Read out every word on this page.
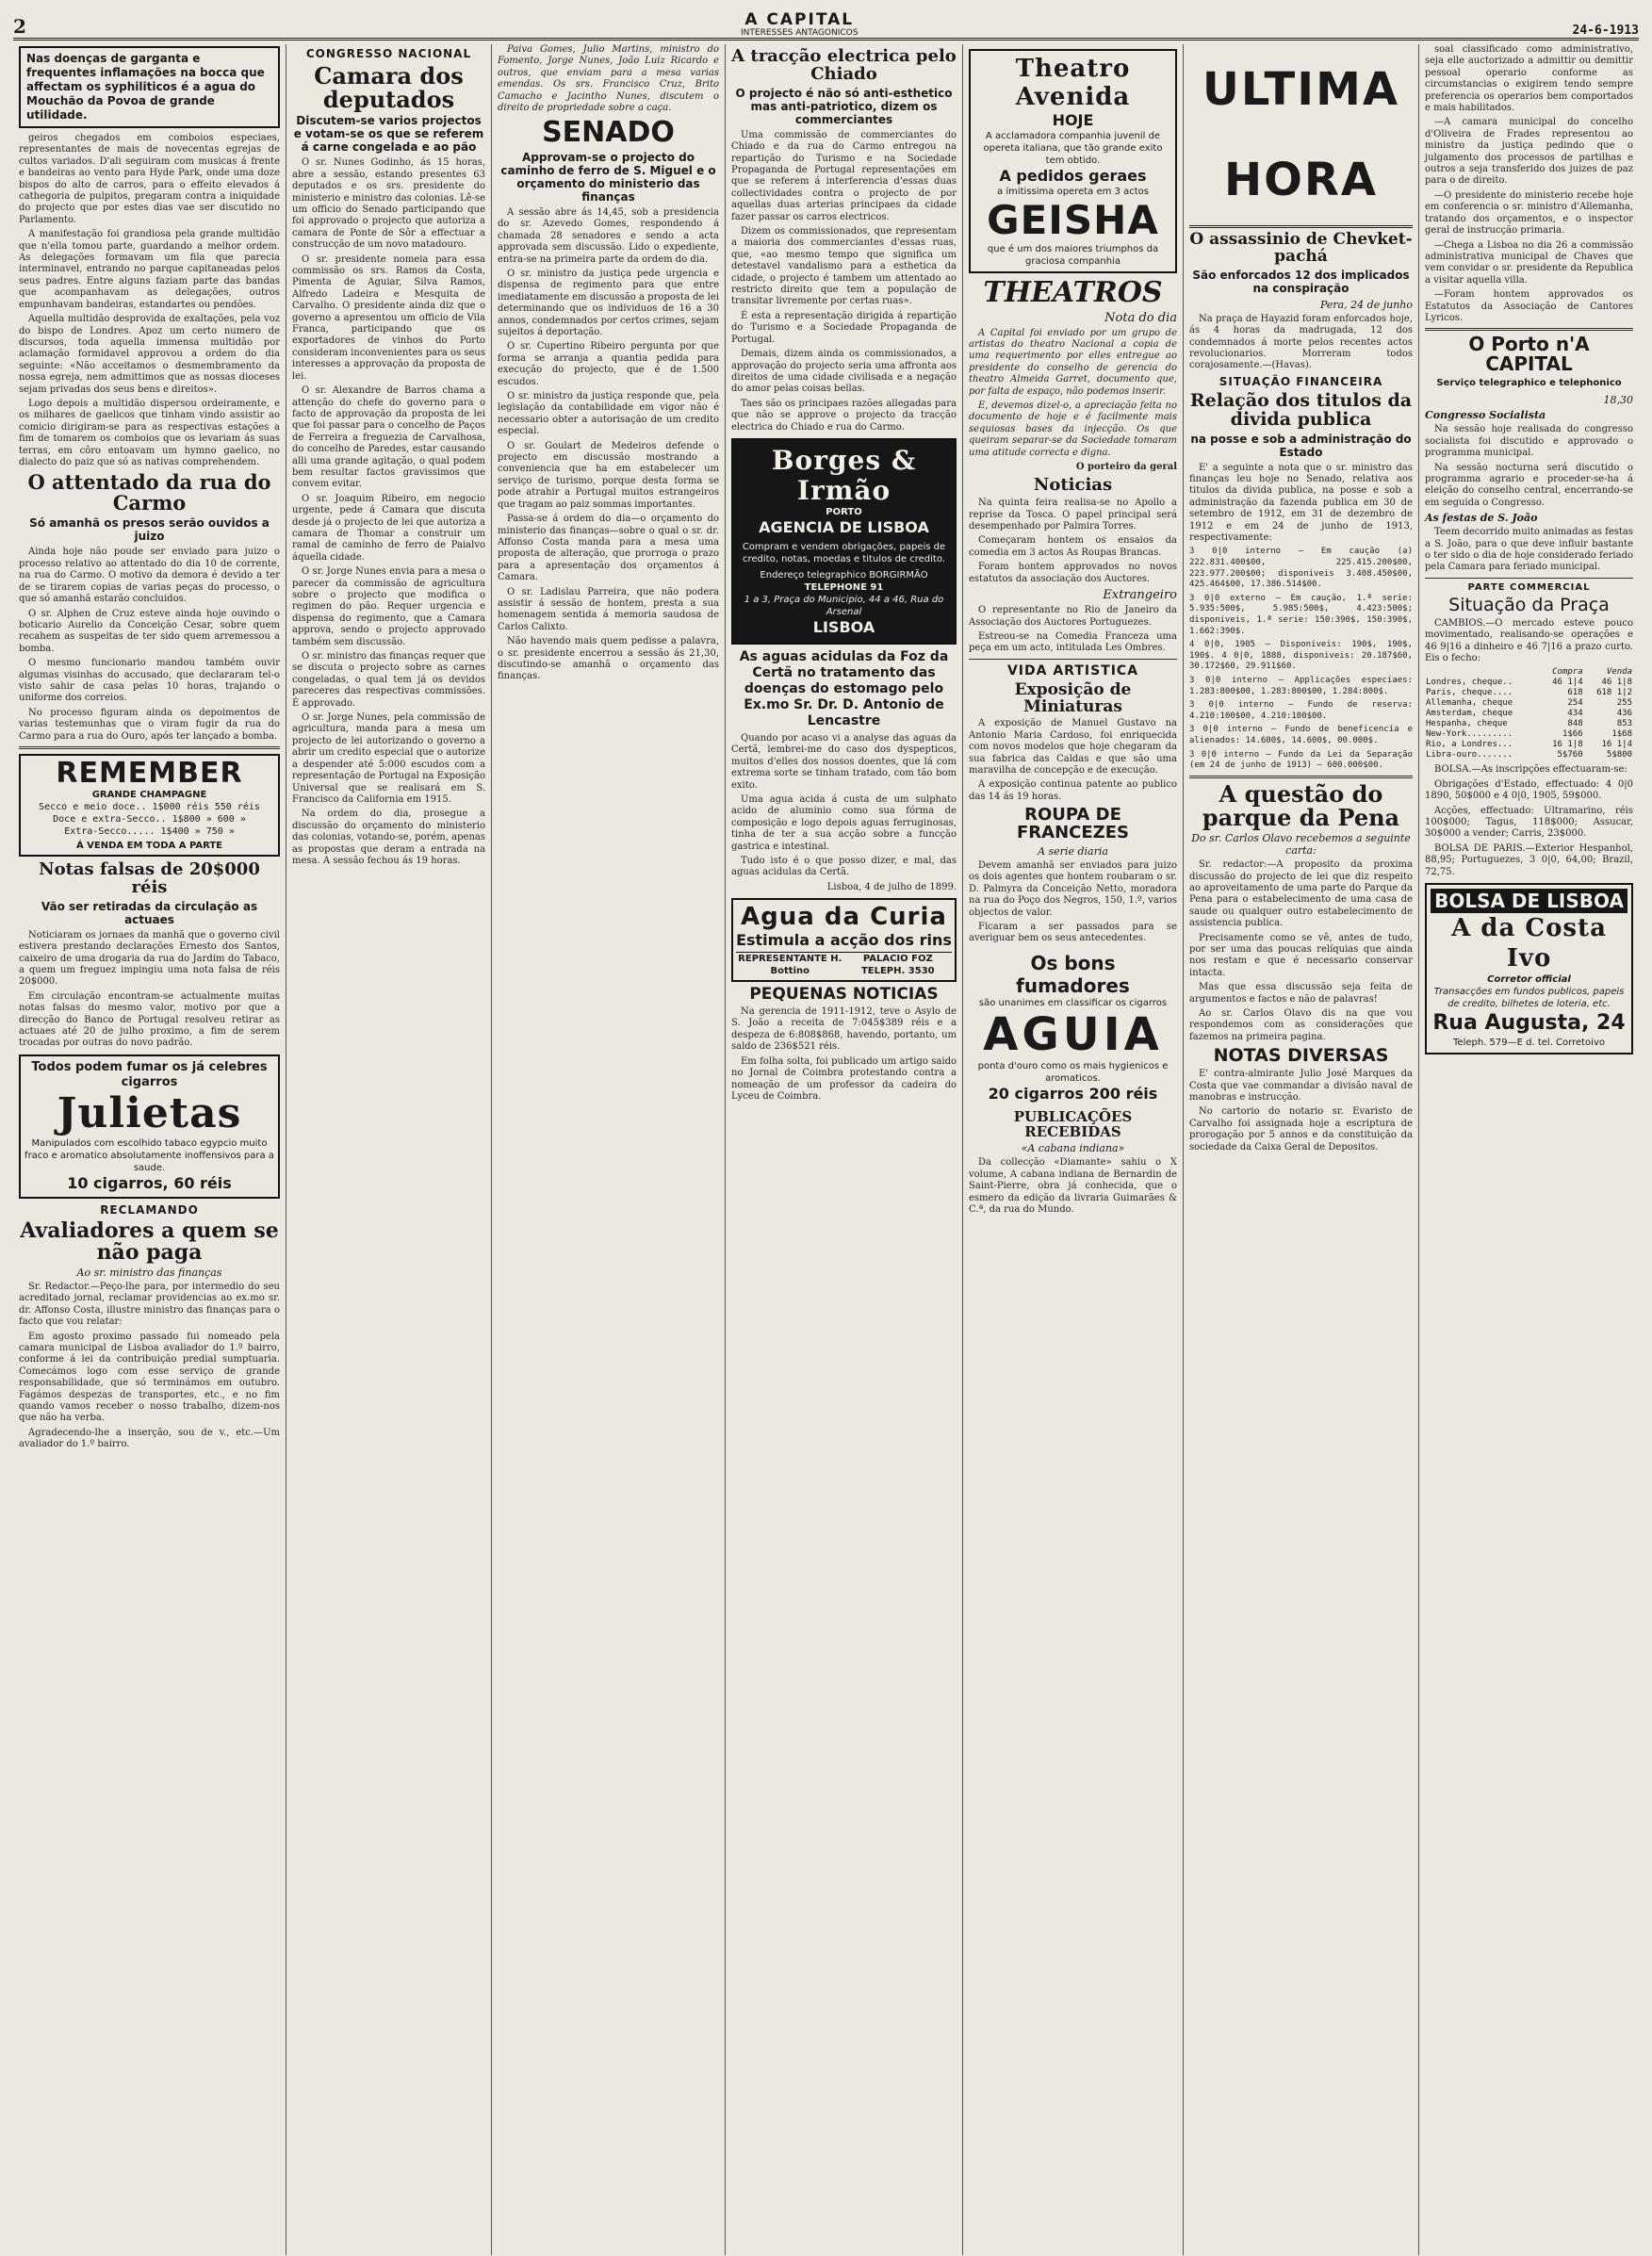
2	A CAPITAL
INTERESSES ANTAGONICOS	24-6-1913
Nas doenças de garganta e frequentes inflamações na bocca que affectam os syphiliticos é a agua do Mouchão da Povoa de grande utilidade.

geiros chegados em comboios especiaes, representantes de mais de novecentas egrejas de cultos variados. D'ali seguiram com musicas á frente e bandeiras ao vento para Hyde Park, onde uma doze bispos do alto de carros, para o effeito elevados á cathegoria de pulpitos, pregaram contra a iniquidade do projecto que por estes dias vae ser discutido no Parlamento.

A manifestação foi grandiosa pela grande multidão que n'ella tomou parte, guardando a melhor ordem. As delegações formavam um fila que parecia interminavel, entrando no parque capitaneadas pelos seus padres. Entre alguns faziam parte das bandas que acompanhavam as delegações, outros empunhavam bandeiras, estandartes ou pendões.

Aquella multidão desprovida de exaltações, pela voz do bispo de Londres. Apoz um certo numero de discursos, toda aquella immensa multidão por aclamação formidavel approvou a ordem do dia seguinte: «Não acceitamos o desmembramento da nossa egreja, nem admittimos que as nossas dioceses sejam privadas dos seus bens e direitos».

Logo depois a multidão dispersou ordeiramente, e os milhares de gaelicos que tinham vindo assistir ao comicio dirigiram-se para as respectivas estações a fim de tomarem os comboios que os levariam ás suas terras, em côro entoavam um hymno gaelico, no dialecto do paiz que só as nativas comprehendem.

O attentado da rua do Carmo
Só amanhã os presos serão ouvidos a juizo

Ainda hoje não poude ser enviado para juizo o processo relativo ao attentado do dia 10 de corrente, na rua do Carmo. O motivo da demora é devido a ter de se tirarem copias de varias peças do processo, o que só amanhã estarão concluidos.

O sr. Alphen de Cruz esteve ainda hoje ouvindo o boticario Aurelio da Conceição Cesar, sobre quem recahem as suspeitas de ter sido quem arremessou a bomba.

O mesmo funcionario mandou também ouvir algumas visinhas do accusado, que declararam tel-o visto sahir de casa pelas 10 horas, trajando o uniforme dos correios.

No processo figuram ainda os depoimentos de varias testemunhas que o viram fugir da rua do Carmo para a rua do Ouro, após ter lançado a bomba.

REMEMBER
GRANDE CHAMPAGNE
Secco e meio doce.. 1$000 réis 550 réis
Doce e extra-Secco.. 1$800 » 600 »
Extra-Secco..... 1$400 » 750 »
Á VENDA EM TODA A PARTE
Notas falsas de 20$000 réis
Vão ser retiradas da circulação as actuaes

Noticiaram os jornaes da manhã que o governo civil estivera prestando declarações Ernesto dos Santos, caixeiro de uma drogaria da rua do Jardim do Tabaco, a quem um freguez impingiu uma nota falsa de réis 20$000.

Em circulação encontram-se actualmente muitas notas falsas do mesmo valor, motivo por que a direcção do Banco de Portugal resolveu retirar as actuaes até 20 de julho proximo, a fim de serem trocadas por outras do novo padrão.

Todos podem fumar os já celebres cigarros
Julietas
Manipulados com escolhido tabaco egypcio muito fraco e aromatico absolutamente inoffensivos para a saude.
10 cigarros, 60 réis
RECLAMANDO
Avaliadores a quem se não paga
Ao sr. ministro das finanças

Sr. Redactor.—Peço-lhe para, por intermedio do seu acreditado jornal, reclamar providencias ao ex.mo sr. dr. Affonso Costa, illustre ministro das finanças para o facto que vou relatar:

Em agosto proximo passado fui nomeado pela camara municipal de Lisboa avaliador do 1.º bairro, conforme á lei da contribuição predial sumptuaria. Comecámos logo com esse serviço de grande responsabilidade, que só terminámos em outubro. Fagámos despezas de transportes, etc., e no fim quando vamos receber o nosso trabalho, dizem-nos que não ha verba.

Agradecendo-lhe a inserção, sou de v., etc.—Um avaliador do 1.º bairro.

CONGRESSO NACIONAL
Camara dos deputados
Discutem-se varios projectos e votam-se os que se referem á carne congelada e ao pão

O sr. Nunes Godinho, ás 15 horas, abre a sessão, estando presentes 63 deputados e os srs. presidente do ministerio e ministro das colonias. Lê-se um officio do Senado participando que foi approvado o projecto que autoriza a camara de Ponte de Sôr a effectuar a construcção de um novo matadouro.

O sr. presidente nomeia para essa commissão os srs. Ramos da Costa, Pimenta de Aguiar, Silva Ramos, Alfredo Ladeira e Mesquita de Carvalho. O presidente ainda diz que o governo a apresentou um officio de Vila Franca, participando que os exportadores de vinhos do Porto consideram inconvenientes para os seus interesses a approvação da proposta de lei.

O sr. Alexandre de Barros chama a attenção do chefe do governo para o facto de approvação da proposta de lei que foi passar para o concelho de Paços de Ferreira a freguezia de Carvalhosa, do concelho de Paredes, estar causando alli uma grande agitação, o qual podem bem resultar factos gravissimos que convem evitar.

O sr. Joaquim Ribeiro, em negocio urgente, pede á Camara que discuta desde já o projecto de lei que autoriza a camara de Thomar a construir um ramal de caminho de ferro de Paialvo áquella cidade.

O sr. Jorge Nunes envia para a mesa o parecer da commissão de agricultura sobre o projecto que modifica o regimen do pão. Requer urgencia e dispensa do regimento, que a Camara approva, sendo o projecto approvado também sem discussão.

O sr. ministro das finanças requer que se discuta o projecto sobre as carnes congeladas, o qual tem já os devidos pareceres das respectivas commissões. É approvado.

O sr. Jorge Nunes, pela commissão de agricultura, manda para a mesa um projecto de lei autorizando o governo a abrir um credito especial que o autorize a despender até 5:000 escudos com a representação de Portugal na Exposição Universal que se realisará em S. Francisco da California em 1915.

Na ordem do dia, prosegue a discussão do orçamento do ministerio das colonias, votando-se, porém, apenas as propostas que deram a entrada na mesa. A sessão fechou ás 19 horas.

Paiva Gomes, Julio Martins, ministro do Fomento, Jorge Nunes, João Luiz Ricardo e outros, que enviam para a mesa varias emendas. Os srs. Francisco Cruz, Brito Camacho e Jacintho Nunes, discutem o direito de propriedade sobre a caça.

SENADO
Approvam-se o projecto do caminho de ferro de S. Miguel e o orçamento do ministerio das finanças

A sessão abre ás 14,45, sob a presidencia do sr. Azevedo Gomes, respondendo á chamada 28 senadores e sendo a acta approvada sem discussão. Lido o expediente, entra-se na primeira parte da ordem do dia.

O sr. ministro da justiça pede urgencia e dispensa de regimento para que entre imediatamente em discussão a proposta de lei determinando que os individuos de 16 a 30 annos, condemnados por certos crimes, sejam sujeitos á deportação.

O sr. Cupertino Ribeiro pergunta por que forma se arranja a quantia pedida para execução do projecto, que é de 1.500 escudos.

O sr. ministro da justiça responde que, pela legislação da contabilidade em vigor não é necessario obter a autorisação de um credito especial.

O sr. Goulart de Medeiros defende o projecto em discussão mostrando a conveniencia que ha em estabelecer um serviço de turismo, porque desta forma se pode atrahir a Portugal muitos estrangeiros que tragam ao paiz sommas importantes.

Passa-se á ordem do dia—o orçamento do ministerio das finanças—sobre o qual o sr. dr. Affonso Costa manda para a mesa uma proposta de alteração, que prorroga o prazo para a apresentação dos orçamentos á Camara.

O sr. Ladislau Parreira, que não podera assistir á sessão de hontem, presta a sua homenagem sentida á memoria saudosa de Carlos Calixto.

Não havendo mais quem pedisse a palavra, o sr. presidente encerrou a sessão ás 21,30, discutindo-se amanhã o orçamento das finanças.

A tracção electrica pelo Chiado
O projecto é não só anti-esthetico mas anti-patriotico, dizem os commerciantes

Uma commissão de commerciantes do Chiado e da rua do Carmo entregou na repartição do Turismo e na Sociedade Propaganda de Portugal representações em que se referem á interferencia d'essas duas collectividades contra o projecto de por aquellas duas arterias principaes da cidade fazer passar os carros electricos.

Dizem os commissionados, que representam a maioria dos commerciantes d'essas ruas, que, «ao mesmo tempo que significa um detestavel vandalismo para a esthetica da cidade, o projecto é tambem um attentado ao restricto direito que tem a população de transitar livremente por certas ruas».

É esta a representação dirigida á repartição do Turismo e a Sociedade Propaganda de Portugal.

Demais, dizem ainda os commissionados, a approvação do projecto seria uma affronta aos direitos de uma cidade civilisada e a negação do amor pelas coisas bellas.

Taes são os principaes razões allegadas para que não se approve o projecto da tracção electrica do Chiado e rua do Carmo.

Borges & Irmão
PORTO
AGENCIA DE LISBOA
Compram e vendem obrigações, papeis de credito, notas, moedas e titulos de credito.
Endereço telegraphico BORGIRMÃO
TELEPHONE 91
1 a 3, Praça do Municipio, 44 a 46, Rua do Arsenal
LISBOA
As aguas acidulas da Foz da Certã no tratamento das doenças do estomago pelo Ex.mo Sr. Dr. D. Antonio de Lencastre

Quando por acaso vi a analyse das aguas da Certã, lembrei-me do caso dos dyspepticos, muitos d'elles dos nossos doentes, que lá com extrema sorte se tinham tratado, com tão bom exito.

Uma agua acida á custa de um sulphato acido de aluminio como sua fórma de composição e logo depois aguas ferruginosas, tinha de ter a sua acção sobre a funcção gastrica e intestinal.

Tudo isto é o que posso dizer, e mal, das aguas acidulas da Certã.

Lisboa, 4 de julho de 1899.

Agua da Curia
Estimula a acção dos rins
REPRESENTANTE H. Bottino
PALACIO FOZ TELEPH. 3530
PEQUENAS NOTICIAS

Na gerencia de 1911-1912, teve o Asylo de S. João a receita de 7:045$389 réis e a despeza de 6:808$868, havendo, portanto, um saldo de 236$521 réis.

Em folha solta, foi publicado um artigo saido no Jornal de Coimbra protestando contra a nomeação de um professor da cadeira do Lyceu de Coimbra.

Theatro Avenida
HOJE
A acclamadora companhia juvenil de opereta italiana, que tão grande exito tem obtido.
A pedidos geraes
a ímitissima opereta em 3 actos
GEISHA
que é um dos maiores triumphos da graciosa companhia
THEATROS
Nota do dia

A Capital foi enviado por um grupo de artistas do theatro Nacional a copia de uma requerimento por elles entregue ao presidente do conselho de gerencia do theatro Almeida Garret, documento que, por falta de espaço, não podemos inserir.

E, devemos dizel-o, a apreciação feita no documento de hoje e é facilmente mais sequiosas bases da injecção. Os que queiram separar-se da Sociedade tomaram uma atitude correcta e digna.

O porteiro da geral

Noticias

Na quinta feira realisa-se no Apollo a reprise da Tosca. O papel principal será desempenhado por Palmira Torres.

Começaram hontem os ensaios da comedia em 3 actos As Roupas Brancas.

Foram hontem approvados no novos estatutos da associação dos Auctores.

Extrangeiro

O representante no Rio de Janeiro da Associação dos Auctores Portuguezes.

Estreou-se na Comedia Franceza uma peça em um acto, intitulada Les Ombres.

VIDA ARTISTICA
Exposição de Miniaturas

A exposição de Manuel Gustavo na Antonio Maria Cardoso, foi enriquecida com novos modelos que hoje chegaram da sua fabrica das Caldas e que são uma maravilha de concepção e de execução.

A exposição continua patente ao publico das 14 ás 19 horas.

ROUPA DE FRANCEZES
A serie diaria

Devem amanhã ser enviados para juizo os dois agentes que hontem roubaram o sr. D. Palmyra da Conceição Netto, moradora na rua do Poço dos Negros, 150, 1.º, varios objectos de valor.

Ficaram a ser passados para se averiguar bem os seus antecedentes.

Os bons fumadores
são unanimes em classificar os cigarros
AGUIA
ponta d'ouro como os mais hygienicos e aromaticos.
20 cigarros 200 réis
PUBLICAÇÕES RECEBIDAS
«A cabana indiana»

Da collecção «Diamante» sahiu o X volume, A cabana indiana de Bernardin de Saint-Pierre, obra já conhecida, que o esmero da edição da livraria Guimarães & C.ª, da rua do Mundo.

ULTIMA HORA
O assassinio de Chevket-pachá
São enforcados 12 dos implicados na conspiração
Pera, 24 de junho

Na praça de Hayazid foram enforcados hoje, ás 4 horas da madrugada, 12 dos condemnados á morte pelos recentes actos revolucionarios. Morreram todos corajosamente.—(Havas).

SITUAÇÃO FINANCEIRA
Relação dos titulos da divida publica
na posse e sob a administração do Estado

E' a seguinte a nota que o sr. ministro das finanças leu hoje no Senado, relativa aos titulos da divida publica, na posse e sob a administração da fazenda publica em 30 de setembro de 1912, em 31 de dezembro de 1912 e em 24 de junho de 1913, respectivamente:

3 0|0 interno — Em caução (a) 222.831.400$00, 225.415.200$00, 223.977.200$00; disponiveis 3.408.450$00, 425.464$00, 17.386.514$00.

3 0|0 externo — Em caução, 1.ª serie: 5.935:500$, 5.985:500$, 4.423:500$; disponiveis, 1.ª serie: 150:390$, 150:390$, 1.662:390$.

4 0|0, 1905 — Disponiveis: 190$, 190$, 190$. 4 0|0, 1888, disponiveis: 20.187$60, 30.172$60, 29.911$60.

3 0|0 interno — Applicações especiaes: 1.283:800$00, 1.283:800$00, 1.284:800$.

3 0|0 interno — Fundo de reserva: 4.210:100$00, 4.210:100$00.

3 0|0 interno — Fundo de beneficencia e alienados: 14.600$, 14.600$, 00.000$.

3 0|0 interno — Fundo da Lei da Separação (em 24 de junho de 1913) — 600.000$00.

A questão do parque da Pena
Do sr. Carlos Olavo recebemos a seguinte carta:

Sr. redactor:—A proposito da proxima discussão do projecto de lei que diz respeito ao aproveitamento de uma parte do Parque da Pena para o estabelecimento de uma casa de saude ou qualquer outro estabelecimento de assistencia publica.

Precisamente como se vê, antes de tudo, por ser uma das poucas relíquias que ainda nos restam e que é necessario conservar intacta.

Mas que essa discussão seja feita de argumentos e factos e não de palavras!

Ao sr. Carlos Olavo dis na que vou respondemos com as considerações que fazemos na primeira pagina.

NOTAS DIVERSAS

E' contra-almirante Julio José Marques da Costa que vae commandar a divisão naval de manobras e instrucção.

No cartorio do notario sr. Evaristo de Carvalho foi assignada hoje a escriptura de prorogação por 5 annos e da constituição da sociedade da Caixa Geral de Depositos.

soal classificado como administrativo, seja elle auctorizado a admittir ou demittir pessoal operario conforme as circumstancias o exigirem tendo sempre preferencia os operarios bem comportados e mais habilitados.

—A camara municipal do concelho d'Oliveira de Frades representou ao ministro da justiça pedindo que o julgamento dos processos de partilhas e outros a seja transferido dos juizes de paz para o de direito.

—O presidente do ministerio recebe hoje em conferencia o sr. ministro d'Allemanha, tratando dos orçamentos, e o inspector geral de instrucção primaria.

—Chega a Lisboa no dia 26 a commissão administrativa municipal de Chaves que vem convidar o sr. presidente da Republica a visitar aquella villa.

—Foram hontem approvados os Estatutos da Associação de Cantores Lyricos.

O Porto n'A CAPITAL
Serviço telegraphico e telephonico
18,30
Congresso Socialista

Na sessão hoje realisada do congresso socialista foi discutido e approvado o programma municipal.

Na sessão nocturna será discutido o programma agrario e proceder-se-ha á eleição do conselho central, encerrando-se em seguida o Congresso.

As festas de S. João

Teem decorrido muito animadas as festas a S. João, para o que deve influir bastante o ter sido o dia de hoje considerado feriado pela Camara para feriado municipal.

PARTE COMMERCIAL
Situação da Praça

CAMBIOS.—O mercado esteve pouco movimentado, realisando-se operações e 46 9|16 a dinheiro e 46 7|16 a prazo curto. Eis o fecho:

	Compra	Venda
Londres, cheque..	46 1|4	46 1|8
Paris, cheque....	618	618 1|2
Allemanha, cheque	254	255
Amsterdam, cheque	434	436
Hespanha, cheque	848	853
New-York.........	1$66	1$68
Rio, a Londres...	16 1|8	16 1|4
Libra-ouro.......	5$760	5$800

BOLSA.—As inscripções effectuaram-se:

Obrigações d'Estado, effectuado: 4 0|0 1890, 50$000 e 4 0|0, 1905, 59$000.

Acções, effectuado: Ultramarino, réis 100$000; Tagus, 118$000; Assucar, 30$000 a vender; Carris, 23$000.

BOLSA DE PARIS.—Exterior Hespanhol, 88,95; Portuguezes, 3 0|0, 64,00; Brazil, 72,75.

BOLSA DE LISBOA
A da Costa Ivo
Corretor official
Transacções em fundos publicos, papeis de credito, bilhetes de loteria, etc.
Rua Augusta, 24
Teleph. 579—E d. tel. Corretoivo
